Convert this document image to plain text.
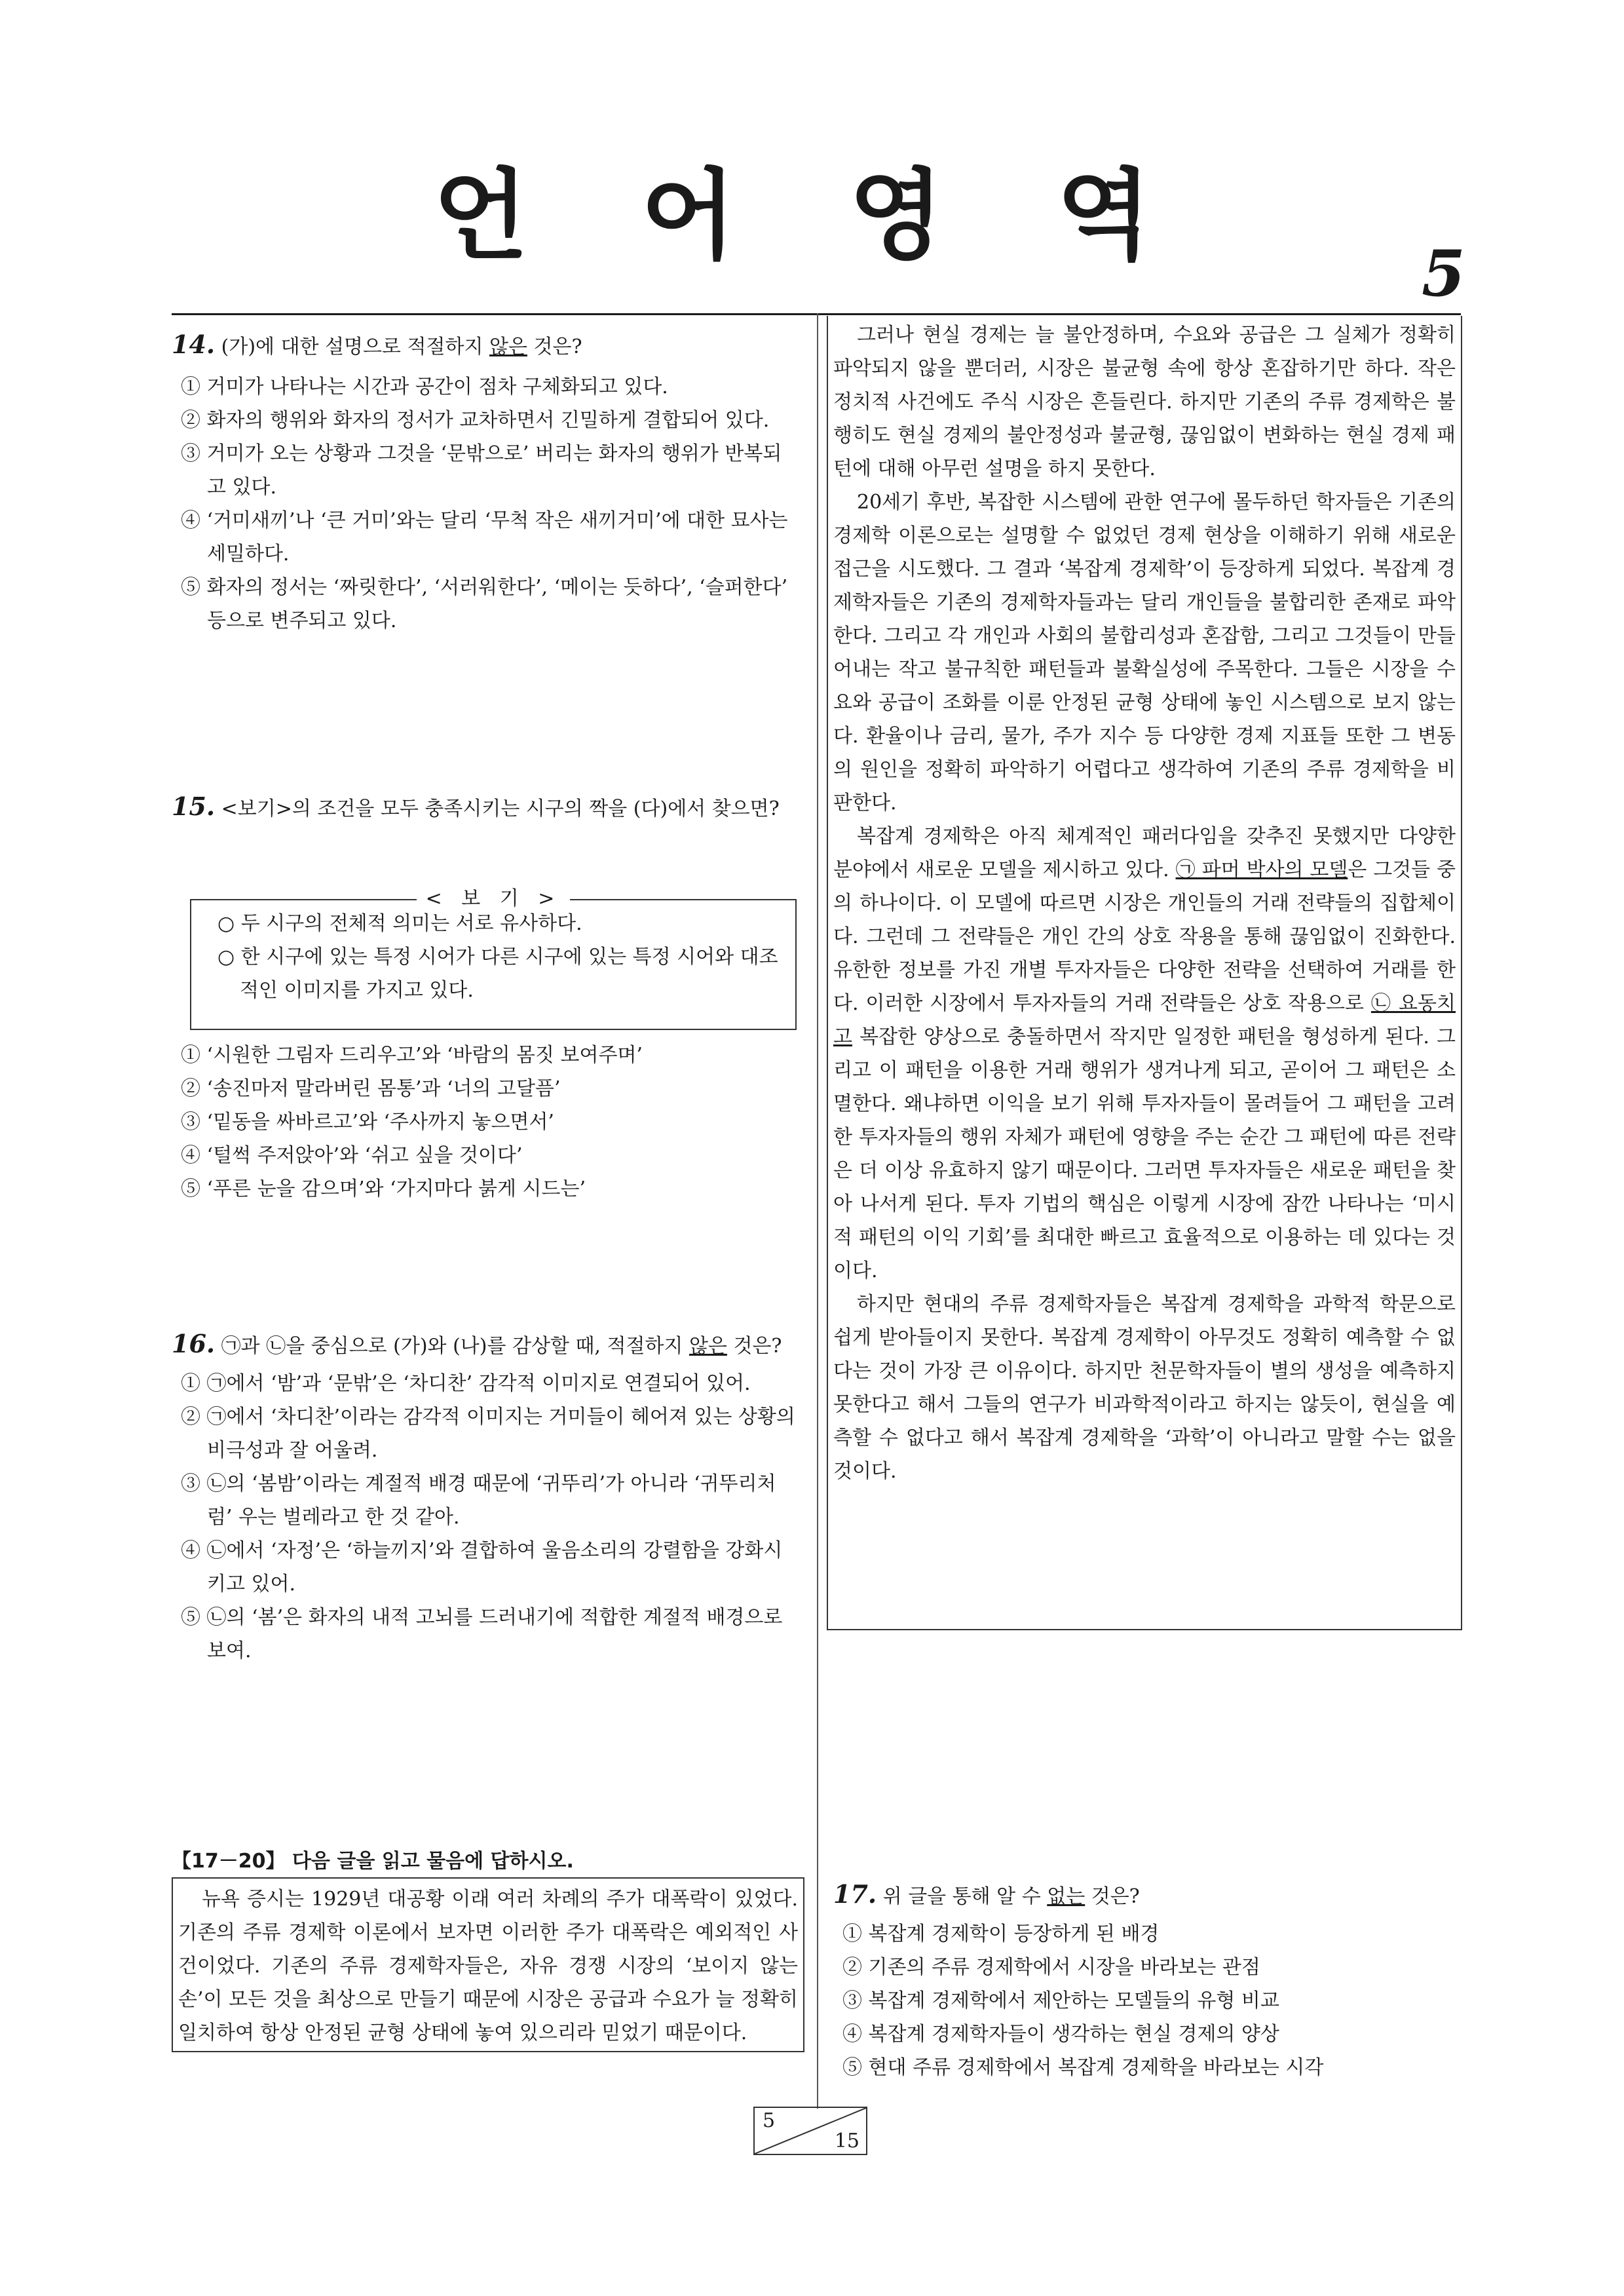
언 어 영 역
5

14. (가)에 대한 설명으로 적절하지 않은 것은?

① 거미가 나타나는 시간과 공간이 점차 구체화되고 있다.

② 화자의 행위와 화자의 정서가 교차하면서 긴밀하게 결합되어 있다.

③ 거미가 오는 상황과 그것을 ‘문밖으로’ 버리는 화자의 행위가 반복되고 있다.

④ ‘거미새끼’나 ‘큰 거미’와는 달리 ‘무척 작은 새끼거미’에 대한 묘사는 세밀하다.

⑤ 화자의 정서는 ‘짜릿한다’, ‘서러워한다’, ‘메이는 듯하다’, ‘슬퍼한다’ 등으로 변주되고 있다.

15. <보기>의 조건을 모두 충족시키는 시구의 짝을 (다)에서 찾으면?

< 보 기 >

○ 두 시구의 전체적 의미는 서로 유사하다.

○ 한 시구에 있는 특정 시어가 다른 시구에 있는 특정 시어와 대조적인 이미지를 가지고 있다.

① ‘시원한 그림자 드리우고’와 ‘바람의 몸짓 보여주며’

② ‘송진마저 말라버린 몸통’과 ‘너의 고달픔’

③ ‘밑동을 싸바르고’와 ‘주사까지 놓으면서’

④ ‘털썩 주저앉아’와 ‘쉬고 싶을 것이다’

⑤ ‘푸른 눈을 감으며’와 ‘가지마다 붉게 시드는’

16. ㉠과 ㉡을 중심으로 (가)와 (나)를 감상할 때, 적절하지 않은 것은?

① ㉠에서 ‘밤’과 ‘문밖’은 ‘차디찬’ 감각적 이미지로 연결되어 있어.

② ㉠에서 ‘차디찬’이라는 감각적 이미지는 거미들이 헤어져 있는 상황의 비극성과 잘 어울려.

③ ㉡의 ‘봄밤’이라는 계절적 배경 때문에 ‘귀뚜리’가 아니라 ‘귀뚜리처럼’ 우는 벌레라고 한 것 같아.

④ ㉡에서 ‘자정’은 ‘하늘끼지’와 결합하여 울음소리의 강렬함을 강화시키고 있어.

⑤ ㉡의 ‘봄’은 화자의 내적 고뇌를 드러내기에 적합한 계절적 배경으로 보여.

【17－20】 다음 글을 읽고 물음에 답하시오.

뉴욕 증시는 1929년 대공황 이래 여러 차례의 주가 대폭락이 있었다. 기존의 주류 경제학 이론에서 보자면 이러한 주가 대폭락은 예외적인 사건이었다. 기존의 주류 경제학자들은, 자유 경쟁 시장의 ‘보이지 않는 손’이 모든 것을 최상으로 만들기 때문에 시장은 공급과 수요가 늘 정확히 일치하여 항상 안정된 균형 상태에 놓여 있으리라 믿었기 때문이다.

그러나 현실 경제는 늘 불안정하며, 수요와 공급은 그 실체가 정확히 파악되지 않을 뿐더러, 시장은 불균형 속에 항상 혼잡하기만 하다. 작은 정치적 사건에도 주식 시장은 흔들린다. 하지만 기존의 주류 경제학은 불행히도 현실 경제의 불안정성과 불균형, 끊임없이 변화하는 현실 경제 패턴에 대해 아무런 설명을 하지 못한다.

20세기 후반, 복잡한 시스템에 관한 연구에 몰두하던 학자들은 기존의 경제학 이론으로는 설명할 수 없었던 경제 현상을 이해하기 위해 새로운 접근을 시도했다. 그 결과 ‘복잡계 경제학’이 등장하게 되었다. 복잡계 경제학자들은 기존의 경제학자들과는 달리 개인들을 불합리한 존재로 파악한다. 그리고 각 개인과 사회의 불합리성과 혼잡함, 그리고 그것들이 만들어내는 작고 불규칙한 패턴들과 불확실성에 주목한다. 그들은 시장을 수요와 공급이 조화를 이룬 안정된 균형 상태에 놓인 시스템으로 보지 않는다. 환율이나 금리, 물가, 주가 지수 등 다양한 경제 지표들 또한 그 변동의 원인을 정확히 파악하기 어렵다고 생각하여 기존의 주류 경제학을 비판한다.

복잡계 경제학은 아직 체계적인 패러다임을 갖추진 못했지만 다양한 분야에서 새로운 모델을 제시하고 있다. ㉠ 파머 박사의 모델은 그것들 중의 하나이다. 이 모델에 따르면 시장은 개인들의 거래 전략들의 집합체이다. 그런데 그 전략들은 개인 간의 상호 작용을 통해 끊임없이 진화한다. 유한한 정보를 가진 개별 투자자들은 다양한 전략을 선택하여 거래를 한다. 이러한 시장에서 투자자들의 거래 전략들은 상호 작용으로 ㉡ 요동치고 복잡한 양상으로 충돌하면서 작지만 일정한 패턴을 형성하게 된다. 그리고 이 패턴을 이용한 거래 행위가 생겨나게 되고, 곧이어 그 패턴은 소멸한다. 왜냐하면 이익을 보기 위해 투자자들이 몰려들어 그 패턴을 고려한 투자자들의 행위 자체가 패턴에 영향을 주는 순간 그 패턴에 따른 전략은 더 이상 유효하지 않기 때문이다. 그러면 투자자들은 새로운 패턴을 찾아 나서게 된다. 투자 기법의 핵심은 이렇게 시장에 잠깐 나타나는 ‘미시적 패턴의 이익 기회’를 최대한 빠르고 효율적으로 이용하는 데 있다는 것이다.

하지만 현대의 주류 경제학자들은 복잡계 경제학을 과학적 학문으로 쉽게 받아들이지 못한다. 복잡계 경제학이 아무것도 정확히 예측할 수 없다는 것이 가장 큰 이유이다. 하지만 천문학자들이 별의 생성을 예측하지 못한다고 해서 그들의 연구가 비과학적이라고 하지는 않듯이, 현실을 예측할 수 없다고 해서 복잡계 경제학을 ‘과학’이 아니라고 말할 수는 없을 것이다.

17. 위 글을 통해 알 수 없는 것은?

① 복잡계 경제학이 등장하게 된 배경

② 기존의 주류 경제학에서 시장을 바라보는 관점

③ 복잡계 경제학에서 제안하는 모델들의 유형 비교

④ 복잡계 경제학자들이 생각하는 현실 경제의 양상

⑤ 현대 주류 경제학에서 복잡계 경제학을 바라보는 시각

5
15
